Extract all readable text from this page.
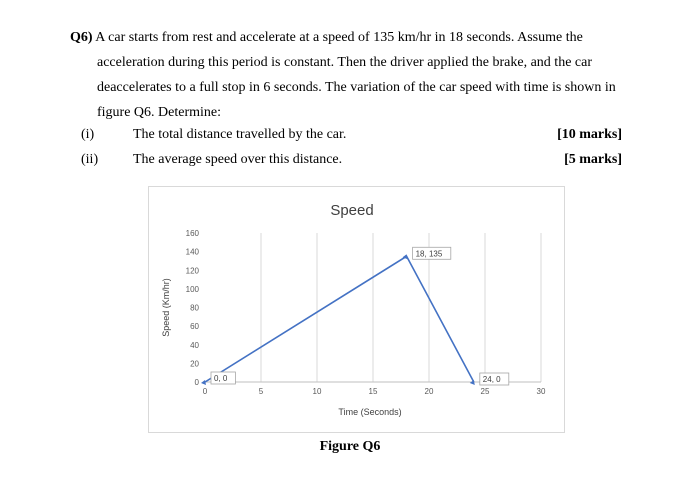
Q6) A car starts from rest and accelerate at a speed of 135 km/hr in 18 seconds. Assume the
acceleration during this period is constant. Then the driver applied the brake, and the car
deaccelerates to a full stop in 6 seconds. The variation of the car speed with time is shown in
figure Q6. Determine:
(i)	The total distance travelled by the car.	[10 marks]
(ii) The average speed over this distance.	[5 marks]
Speed
Speed (Km/hr)
Time (Seconds)
0	5	10	15	20	25	30
0
20
40
60
80
100
120
140
160
0, 0
18, 135
24, 0
Figure Q6
